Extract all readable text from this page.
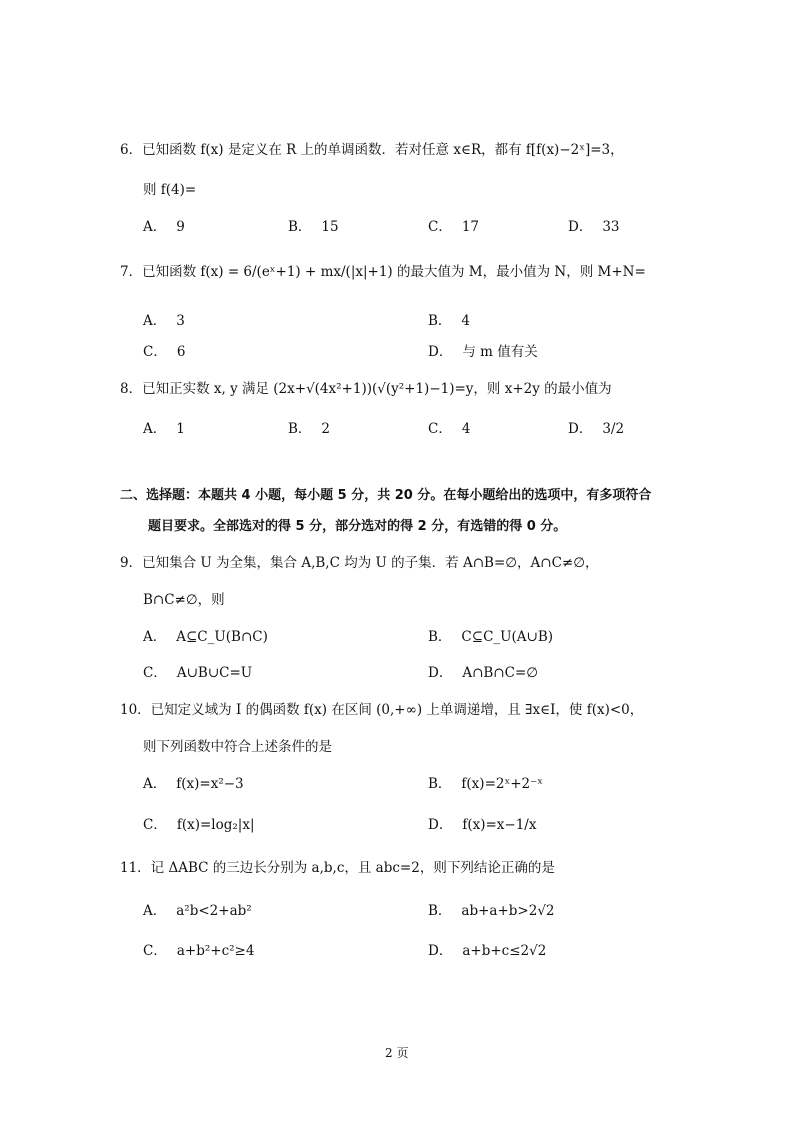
6．已知函数 f(x) 是定义在 R 上的单调函数．若对任意 x∈R，都有 f[f(x)−2ˣ]=3，
则 f(4)=
A． 9	B． 15	C． 17	D． 33
7．已知函数 f(x) = 6/(eˣ+1) + mx/(|x|+1) 的最大值为 M，最小值为 N，则 M+N=
A． 3	B． 4
C． 6	D． 与 m 值有关
8．已知正实数 x, y 满足 (2x+√(4x²+1))(√(y²+1)−1)=y，则 x+2y 的最小值为
A． 1	B． 2	C． 4	D． 3/2
二、选择题：本题共 4 小题，每小题 5 分，共 20 分。在每小题给出的选项中，有多项符合
题目要求。全部选对的得 5 分，部分选对的得 2 分，有选错的得 0 分。
9．已知集合 U 为全集，集合 A,B,C 均为 U 的子集．若 A∩B=∅，A∩C≠∅，
B∩C≠∅，则
A． A⊆C_U(B∩C)	B． C⊆C_U(A∪B)
C． A∪B∪C=U	D． A∩B∩C=∅
10．已知定义域为 I 的偶函数 f(x) 在区间 (0,+∞) 上单调递增，且 ∃x∈I，使 f(x)<0，
则下列函数中符合上述条件的是
A． f(x)=x²−3	B． f(x)=2ˣ+2⁻ˣ
C． f(x)=log₂|x|	D． f(x)=x−1/x
11．记 ΔABC 的三边长分别为 a,b,c，且 abc=2，则下列结论正确的是
A． a²b<2+ab²	B． ab+a+b>2√2
C． a+b²+c²≥4	D． a+b+c≤2√2
2 页
